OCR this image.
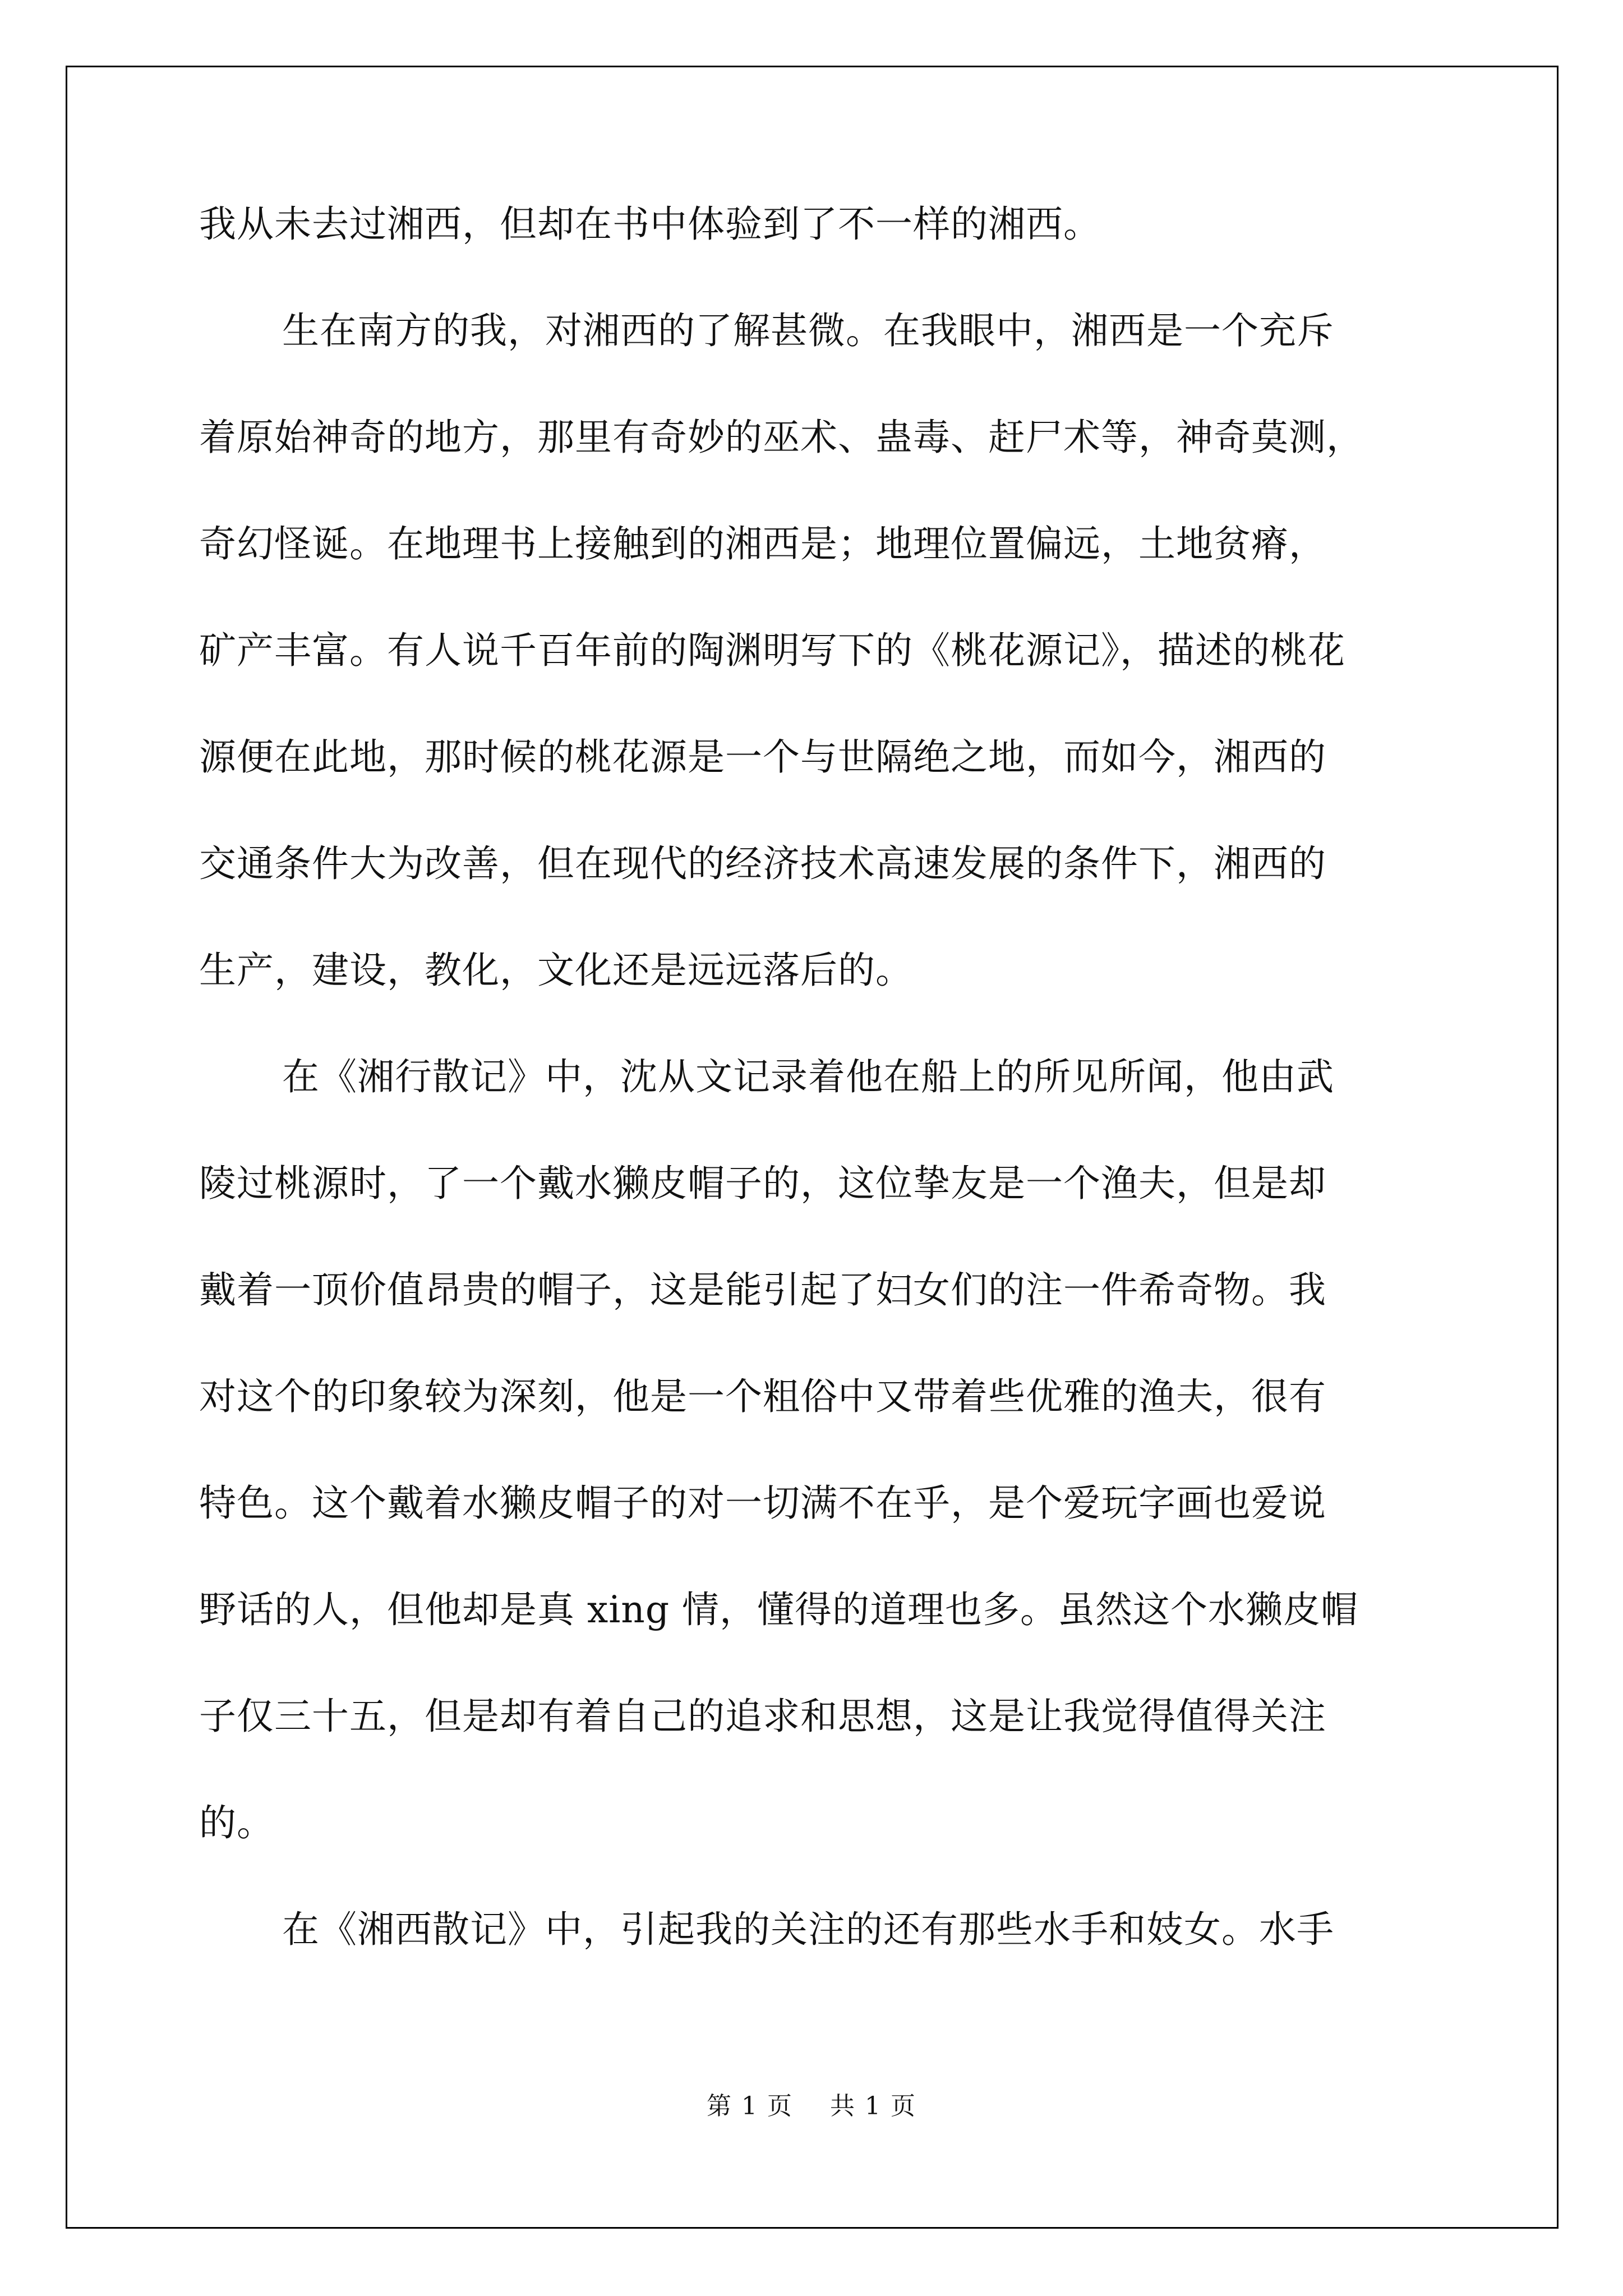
我从未去过湘西，但却在书中体验到了不一样的湘西。
生在南方的我，对湘西的了解甚微。在我眼中，湘西是一个充斥
着原始神奇的地方，那里有奇妙的巫术、蛊毒、赶尸术等，神奇莫测，
奇幻怪诞。在地理书上接触到的湘西是；地理位置偏远，土地贫瘠，
矿产丰富。有人说千百年前的陶渊明写下的《桃花源记》，描述的桃花
源便在此地，那时候的桃花源是一个与世隔绝之地，而如今，湘西的
交通条件大为改善，但在现代的经济技术高速发展的条件下，湘西的
生产，建设，教化，文化还是远远落后的。
在《湘行散记》中，沈从文记录着他在船上的所见所闻，他由武
陵过桃源时，了一个戴水獭皮帽子的，这位挚友是一个渔夫，但是却
戴着一顶价值昂贵的帽子，这是能引起了妇女们的注一件希奇物。我
对这个的印象较为深刻，他是一个粗俗中又带着些优雅的渔夫，很有
特色。这个戴着水獭皮帽子的对一切满不在乎，是个爱玩字画也爱说
野话的人，但他却是真 xing 情，懂得的道理也多。虽然这个水獭皮帽
子仅三十五，但是却有着自己的追求和思想，这是让我觉得值得关注
的。
在《湘西散记》中，引起我的关注的还有那些水手和妓女。水手
第 1 页 共 1 页
